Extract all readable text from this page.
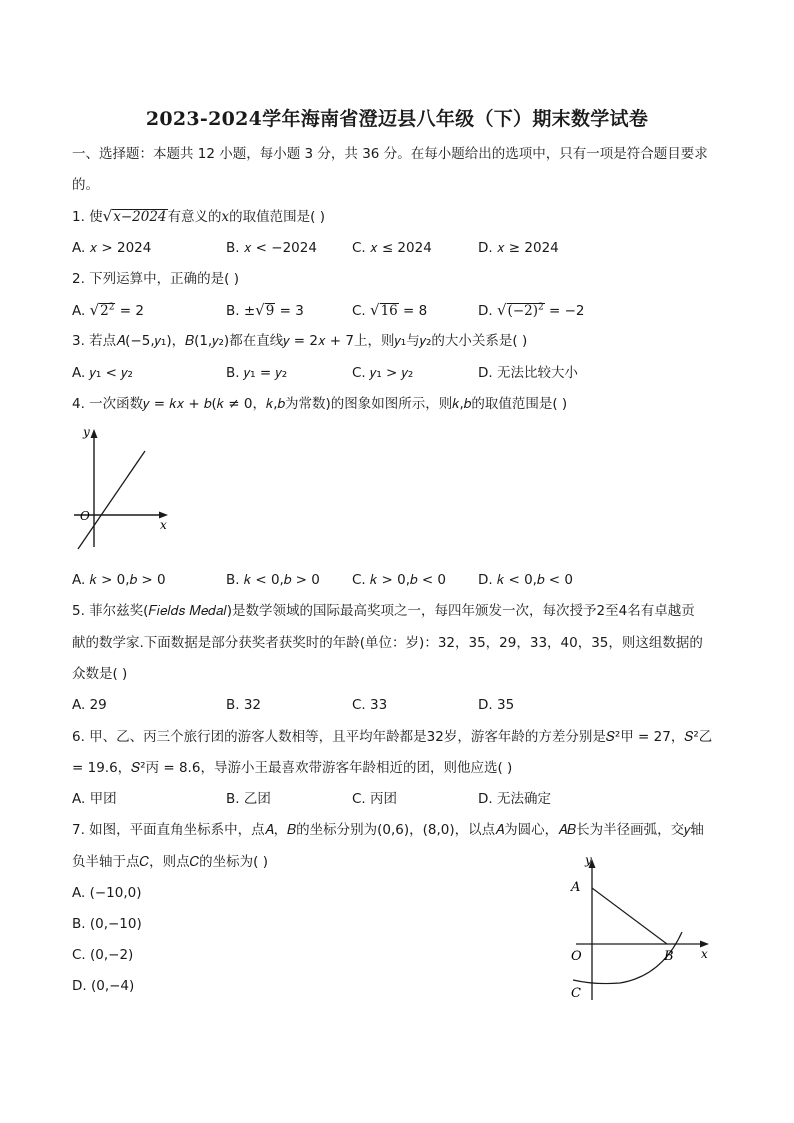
2023-2024学年海南省澄迈县八年级（下）期末数学试卷
一、选择题：本题共 12 小题，每小题 3 分，共 36 分。在每小题给出的选项中，只有一项是符合题目要求
的。
1. 使√x−2024有意义的x的取值范围是( )
A. 𝑥 > 2024	B. 𝑥 < −2024	C. 𝑥 ≤ 2024	D. 𝑥 ≥ 2024
2. 下列运算中，正确的是( )
A. $√2^2 = 2$	B. ±√9 = 3	C. √16 = 8	D. $√(-2)^2 = -2$
3. 若点𝐴(−5,𝑦₁)，𝐵(1,𝑦₂)都在直线𝑦 = 2𝑥 + 7上，则𝑦₁与𝑦₂的大小关系是( )
A. 𝑦₁ < 𝑦₂	B. 𝑦₁ = 𝑦₂	C. 𝑦₁ > 𝑦₂	D. 无法比较大小
4. 一次函数𝑦 = 𝑘𝑥 + 𝑏(𝑘 ≠ 0，𝑘,𝑏为常数)的图象如图所示，则𝑘,𝑏的取值范围是( )
y
x
O
A. 𝑘 > 0,𝑏 > 0	B. 𝑘 < 0,𝑏 > 0 C. 𝑘 > 0,𝑏 < 0 D. 𝑘 < 0,𝑏 < 0
5. 菲尔兹奖(𝐹𝑖𝑒𝑙𝑑𝑠 𝑀𝑒𝑑𝑎𝑙)是数学领域的国际最高奖项之一，每四年颁发一次，每次授予2至4名有卓越贡
献的数学家.下面数据是部分获奖者获奖时的年龄(单位：岁)：32，35，29，33，40，35，则这组数据的
众数是( )
A. 29	B. 32	C. 33	D. 35
6. 甲、乙、丙三个旅行团的游客人数相等，且平均年龄都是32岁，游客年龄的方差分别是𝑆²甲 = 27，𝑆²乙
= 19.6，𝑆²丙 = 8.6，导游小王最喜欢带游客年龄相近的团，则他应选( )
A. 甲团	B. 乙团	C. 丙团	D. 无法确定
7. 如图，平面直角坐标系中，点𝐴，𝐵的坐标分别为(0,6)，(8,0)，以点𝐴为圆心，𝐴𝐵长为半径画弧，交𝑦轴
负半轴于点𝐶，则点𝐶的坐标为( )
A. (−10,0)
B. (0,−10)
C. (0,−2)
D. (0,−4)
y
x
O
A
B
C
